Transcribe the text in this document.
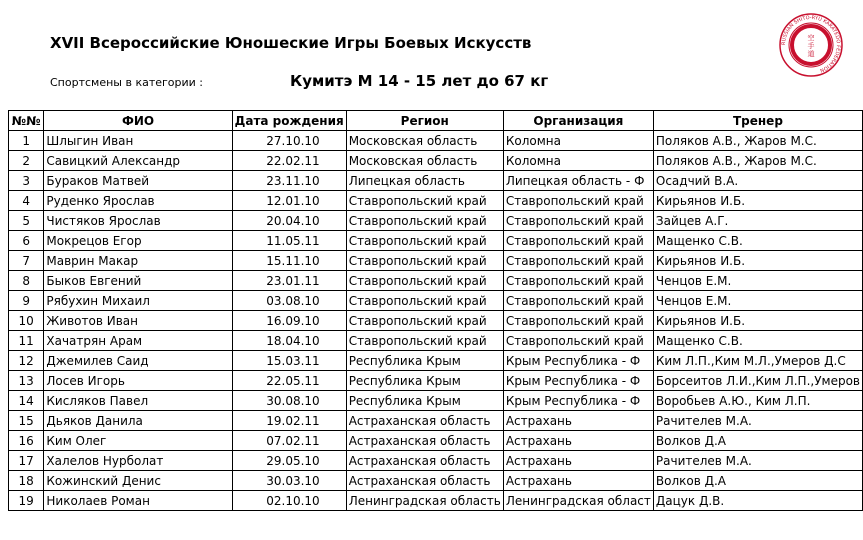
XVII Всероссийские Юношеские Игры Боевых Искусств
Спортсмены в категории :	Кумитэ М 14 - 15 лет до 67 кг
空
手
道
RUSSIAN SHITO-RYU KARATEDO FEDERATION
№№	ФИО	Дата рождения	Регион	Организация	Тренер
1	Шлыгин Иван	27.10.10	Московская область	Коломна	Поляков А.В., Жаров М.С.
2	Савицкий Александр	22.02.11	Московская область	Коломна	Поляков А.В., Жаров М.С.
3	Бураков Матвей	23.11.10	Липецкая область	Липецкая область - Ф	Осадчий В.А.
4	Руденко Ярослав	12.01.10	Ставропольский край	Ставропольский край	Кирьянов И.Б.
5	Чистяков Ярослав	20.04.10	Ставропольский край	Ставропольский край	Зайцев А.Г.
6	Мокрецов Егор	11.05.11	Ставропольский край	Ставропольский край	Мащенко С.В.
7	Маврин Макар	15.11.10	Ставропольский край	Ставропольский край	Кирьянов И.Б.
8	Быков Евгений	23.01.11	Ставропольский край	Ставропольский край	Ченцов Е.М.
9	Рябухин Михаил	03.08.10	Ставропольский край	Ставропольский край	Ченцов Е.М.
10	Животов Иван	16.09.10	Ставропольский край	Ставропольский край	Кирьянов И.Б.
11	Хачатрян Арам	18.04.10	Ставропольский край	Ставропольский край	Мащенко С.В.
12	Джемилев Саид	15.03.11	Республика Крым	Крым Республика - Ф	Ким Л.П.,Ким М.Л.,Умеров Д.С
13	Лосев Игорь	22.05.11	Республика Крым	Крым Республика - Ф	Борсеитов Л.И.,Ким Л.П.,Умеров
14	Кисляков Павел	30.08.10	Республика Крым	Крым Республика - Ф	Воробьев А.Ю., Ким Л.П.
15	Дьяков Данила	19.02.11	Астраханская область	Астрахань	Рачителев М.А.
16	Ким Олег	07.02.11	Астраханская область	Астрахань	Волков Д.А
17	Халелов Нурболат	29.05.10	Астраханская область	Астрахань	Рачителев М.А.
18	Кожинский Денис	30.03.10	Астраханская область	Астрахань	Волков Д.А
19	Николаев Роман	02.10.10	Ленинградская область	Ленинградская област	Дацук Д.В.
